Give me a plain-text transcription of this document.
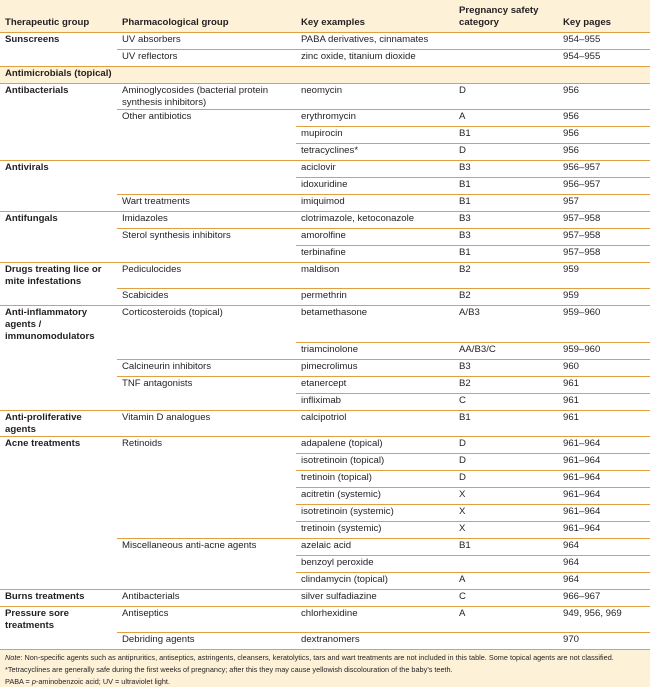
Therapeutic group	Pharmacological group	Key examples	Pregnancy safety category	Key pages
Sunscreens	UV absorbers	PABA derivatives, cinnamates		954–955
	UV reflectors	zinc oxide, titanium dioxide		954–955
Antimicrobials (topical)				
Antibacterials	Aminoglycosides (bacterial protein synthesis inhibitors)	neomycin	D	956
	Other antibiotics	erythromycin	A	956
		mupirocin	B1	956
		tetracyclines*	D	956
Antivirals		aciclovir	B3	956–957
		idoxuridine	B1	956–957
	Wart treatments	imiquimod	B1	957
Antifungals	Imidazoles	clotrimazole, ketoconazole	B3	957–958
	Sterol synthesis inhibitors	amorolfine	B3	957–958
		terbinafine	B1	957–958
Drugs treating lice or mite infestations	Pediculocides	maldison	B2	959
	Scabicides	permethrin	B2	959
Anti-inflammatory agents / immunomodulators	Corticosteroids (topical)	betamethasone	A/B3	959–960
		triamcinolone	AA/B3/C	959–960
	Calcineurin inhibitors	pimecrolimus	B3	960
	TNF antagonists	etanercept	B2	961
		infliximab	C	961
Anti-proliferative agents	Vitamin D analogues	calcipotriol	B1	961
Acne treatments	Retinoids	adapalene (topical)	D	961–964
		isotretinoin (topical)	D	961–964
		tretinoin (topical)	D	961–964
		acitretin (systemic)	X	961–964
		isotretinoin (systemic)	X	961–964
		tretinoin (systemic)	X	961–964
	Miscellaneous anti-acne agents	azelaic acid	B1	964
		benzoyl peroxide		964
		clindamycin (topical)	A	964
Burns treatments	Antibacterials	silver sulfadiazine	C	966–967
Pressure sore treatments	Antiseptics	chlorhexidine	A	949, 956, 969
	Debriding agents	dextranomers		970

Note: Non-specific agents such as antipruritics, antiseptics, astringents, cleansers, keratolytics, tars and wart treatments are not included in this table. Some topical agents are not classified.

*Tetracyclines are generally safe during the first weeks of pregnancy; after this they may cause yellowish discolouration of the baby’s teeth.

PABA = p-aminobenzoic acid; UV = ultraviolet light.
